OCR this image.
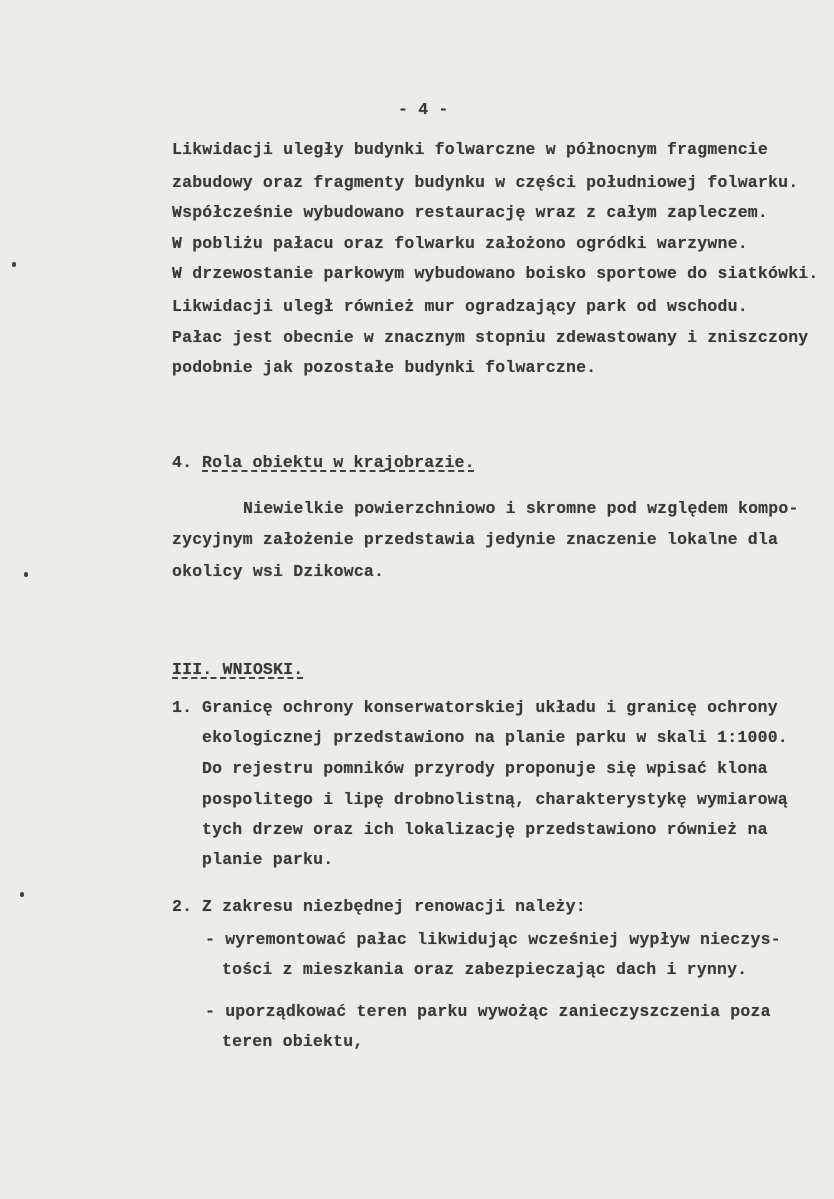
- 4 -
Likwidacji uległy budynki folwarczne w północnym fragmencie
zabudowy oraz fragmenty budynku w części południowej folwarku.
Współcześnie wybudowano restaurację wraz z całym zapleczem.
W pobliżu pałacu oraz folwarku założono ogródki warzywne.
W drzewostanie parkowym wybudowano boisko sportowe do siatkówki.
Likwidacji uległ również mur ogradzający park od wschodu.
Pałac jest obecnie w znacznym stopniu zdewastowany i zniszczony
podobnie jak pozostałe budynki folwarczne.
4. Rola obiektu w krajobrazie.
Niewielkie powierzchniowo i skromne pod względem kompo-
zycyjnym założenie przedstawia jedynie znaczenie lokalne dla
okolicy wsi Dzikowca.
III. WNIOSKI.
1. Granicę ochrony konserwatorskiej układu i granicę ochrony
ekologicznej przedstawiono na planie parku w skali 1:1000.
Do rejestru pomników przyrody proponuje się wpisać klona
pospolitego i lipę drobnolistną, charakterystykę wymiarową
tych drzew oraz ich lokalizację przedstawiono również na
planie parku.
2. Z zakresu niezbędnej renowacji należy:
- wyremontować pałac likwidując wcześniej wypływ nieczys-
tości z mieszkania oraz zabezpieczając dach i rynny.
- uporządkować teren parku wywożąc zanieczyszczenia poza
teren obiektu,
